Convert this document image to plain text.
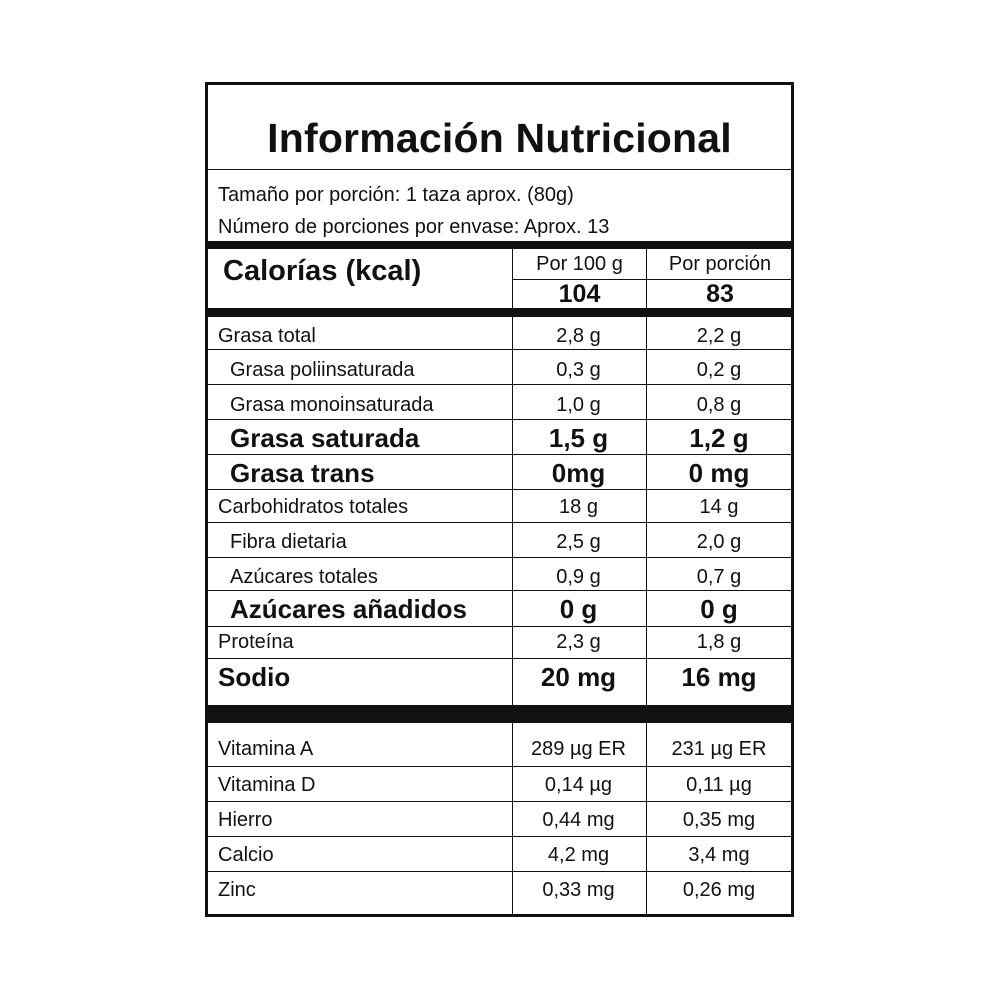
Información Nutricional
Tamaño por porción: 1 taza aprox. (80g)
Número de porciones por envase: Aprox. 13
Calorías (kcal)	Por 100 g	Por porción
104	83
Grasa total	2,8 g	2,2 g
Grasa poliinsaturada	0,3 g	0,2 g
Grasa monoinsaturada	1,0 g	0,8 g
Grasa saturada	1,5 g	1,2 g
Grasa trans	0mg	0 mg
Carbohidratos totales	18 g	14 g
Fibra dietaria	2,5 g	2,0 g
Azúcares totales	0,9 g	0,7 g
Azúcares añadidos	0 g	0 g
Proteína	2,3 g	1,8 g
Sodio	20 mg	16 mg
Vitamina A	289 µg ER	231 µg ER
Vitamina D	0,14 µg	0,11 µg
Hierro	0,44 mg	0,35 mg
Calcio	4,2 mg	3,4 mg
Zinc	0,33 mg	0,26 mg
